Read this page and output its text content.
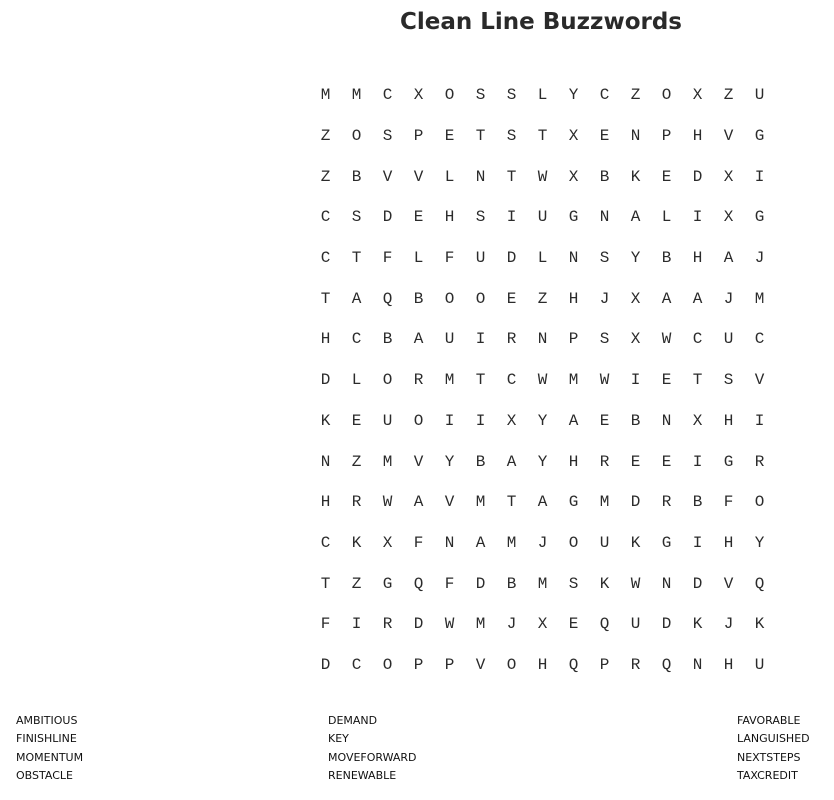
Clean Line Buzzwords
M	M	C	X	O	S	S	L	Y	C	Z	O	X	Z	U
Z	O	S	P	E	T	S	T	X	E	N	P	H	V	G
Z	B	V	V	L	N	T	W	X	B	K	E	D	X	I
C	S	D	E	H	S	I	U	G	N	A	L	I	X	G
C	T	F	L	F	U	D	L	N	S	Y	B	H	A	J
T	A	Q	B	O	O	E	Z	H	J	X	A	A	J	M
H	C	B	A	U	I	R	N	P	S	X	W	C	U	C
D	L	O	R	M	T	C	W	M	W	I	E	T	S	V
K	E	U	O	I	I	X	Y	A	E	B	N	X	H	I
N	Z	M	V	Y	B	A	Y	H	R	E	E	I	G	R
H	R	W	A	V	M	T	A	G	M	D	R	B	F	O
C	K	X	F	N	A	M	J	O	U	K	G	I	H	Y
T	Z	G	Q	F	D	B	M	S	K	W	N	D	V	Q
F	I	R	D	W	M	J	X	E	Q	U	D	K	J	K
D	C	O	P	P	V	O	H	Q	P	R	Q	N	H	U
AMBITIOUS
FINISHLINE
MOMENTUM
OBSTACLE
DEMAND
KEY
MOVEFORWARD
RENEWABLE
FAVORABLE
LANGUISHED
NEXTSTEPS
TAXCREDIT
